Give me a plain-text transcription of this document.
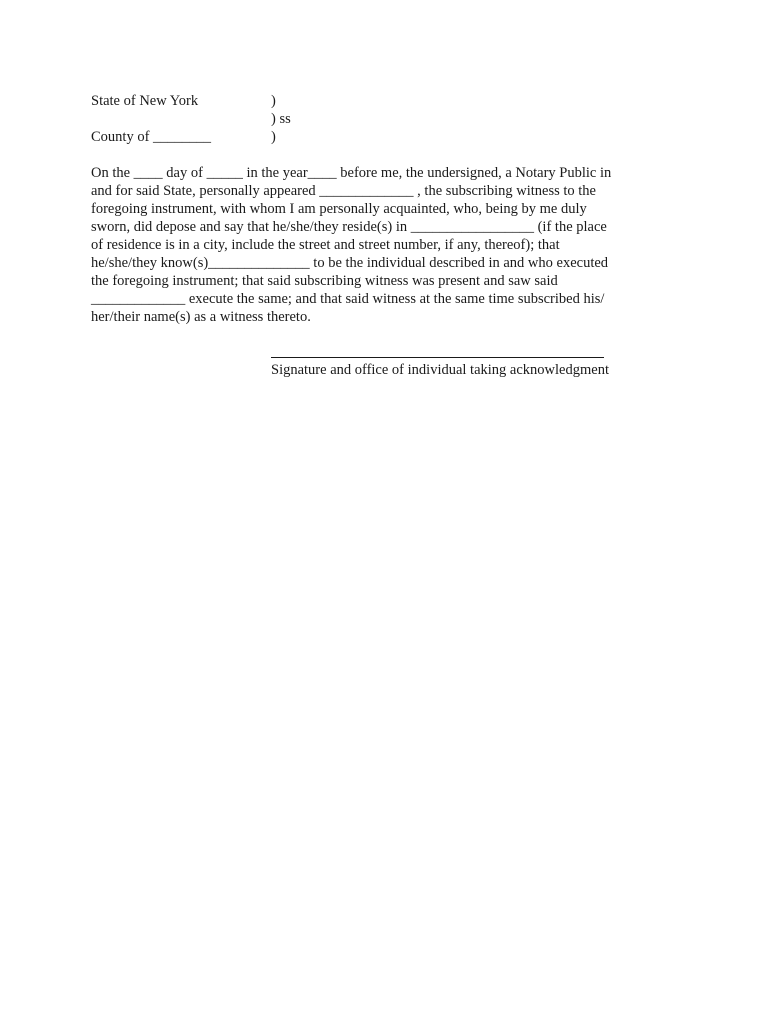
State of New York
County of ________
)
) ss
)
On the ____ day of _____ in the year____ before me, the undersigned, a Notary Public in
and for said State, personally appeared _____________ , the subscribing witness to the
foregoing instrument, with whom I am personally acquainted, who, being by me duly
sworn, did depose and say that he/she/they reside(s) in _________________ (if the place
of residence is in a city, include the street and street number, if any, thereof); that
he/she/they know(s)______________ to be the individual described in and who executed
the foregoing instrument; that said subscribing witness was present and saw said
_____________ execute the same; and that said witness at the same time subscribed his/
her/their name(s) as a witness thereto.
Signature and office of individual taking acknowledgment
